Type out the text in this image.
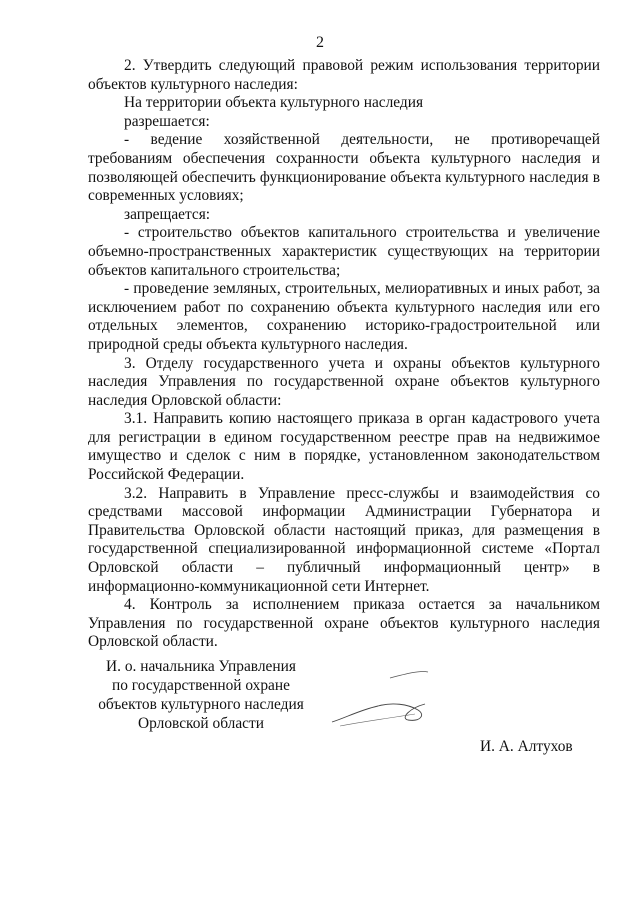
2

2. Утвердить следующий правовой режим использования территории объектов культурного наследия:

На территории объекта культурного наследия

разрешается:

- ведение хозяйственной деятельности, не противоречащей требованиям обеспечения сохранности объекта культурного наследия и позволяющей обеспечить функционирование объекта культурного наследия в современных условиях;

запрещается:

- строительство объектов капитального строительства и увеличение объемно-пространственных характеристик существующих на территории объектов капитального строительства;

- проведение земляных, строительных, мелиоративных и иных работ, за исключением работ по сохранению объекта культурного наследия или его отдельных элементов, сохранению историко-градостроительной или природной среды объекта культурного наследия.

3. Отделу государственного учета и охраны объектов культурного наследия Управления по государственной охране объектов культурного наследия Орловской области:

3.1. Направить копию настоящего приказа в орган кадастрового учета для регистрации в едином государственном реестре прав на недвижимое имущество и сделок с ним в порядке, установленном законодательством Российской Федерации.

3.2. Направить в Управление пресс-службы и взаимодействия со средствами массовой информации Администрации Губернатора и Правительства Орловской области настоящий приказ, для размещения в государственной специализированной информационной системе «Портал Орловской области – публичный информационный центр» в информационно-коммуникационной сети Интернет.

4. Контроль за исполнением приказа остается за начальником Управления по государственной охране объектов культурного наследия Орловской области.

И. о. начальника Управления
по государственной охране
объектов культурного наследия
Орловской области
И. А. Алтухов
